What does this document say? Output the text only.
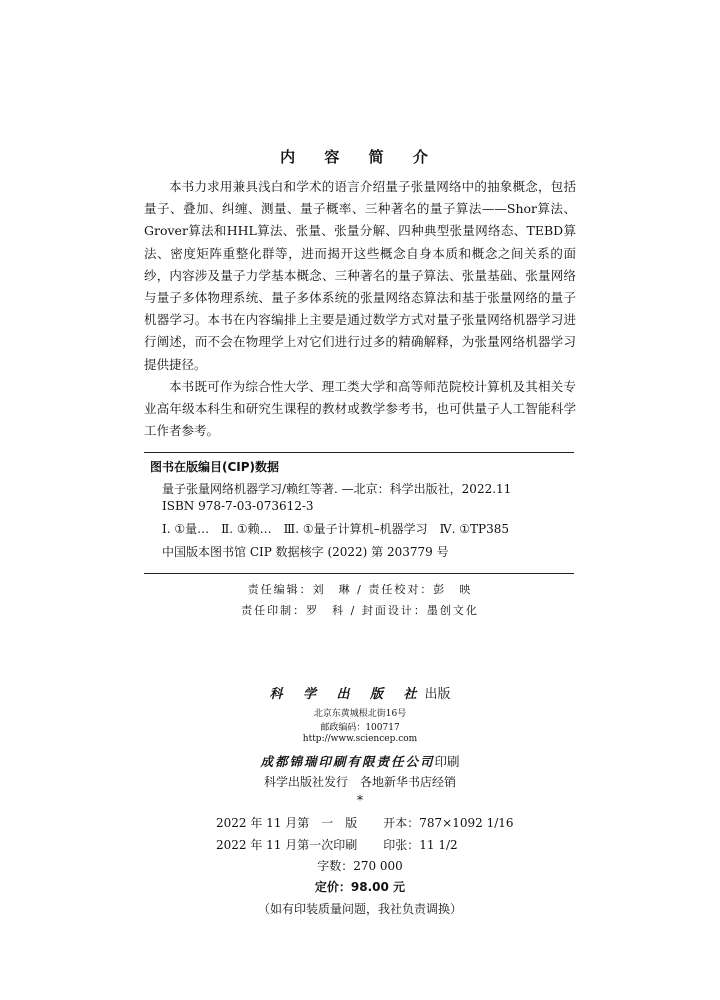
内 容 简 介

本书力求用兼具浅白和学术的语言介绍量子张量网络中的抽象概念，包括量子、叠加、纠缠、测量、量子概率、三种著名的量子算法——Shor算法、Grover算法和HHL算法、张量、张量分解、四种典型张量网络态、TEBD算法、密度矩阵重整化群等，进而揭开这些概念自身本质和概念之间关系的面纱，内容涉及量子力学基本概念、三种著名的量子算法、张量基础、张量网络与量子多体物理系统、量子多体系统的张量网络态算法和基于张量网络的量子机器学习。本书在内容编排上主要是通过数学方式对量子张量网络机器学习进行阐述，而不会在物理学上对它们进行过多的精确解释，为张量网络机器学习提供捷径。

本书既可作为综合性大学、理工类大学和高等师范院校计算机及其相关专业高年级本科生和研究生课程的教材或教学参考书，也可供量子人工智能科学工作者参考。

图书在版编目(CIP)数据
量子张量网络机器学习/赖红等著. —北京：科学出版社，2022.11
ISBN 978-7-03-073612-3
Ⅰ. ①量…　Ⅱ. ①赖…　Ⅲ. ①量子计算机–机器学习　Ⅳ. ①TP385
中国版本图书馆 CIP 数据核字 (2022) 第 203779 号
责任编辑：刘　琳 / 责任校对：彭　映
责任印制：罗　科 / 封面设计：墨创文化
科 学 出 版 社出版
北京东黄城根北街16号
邮政编码：100717
http://www.sciencep.com
成都锦瑞印刷有限责任公司印刷
科学出版社发行　各地新华书店经销
*
2022 年 11 月第　一　版 开本：787×1092 1/16
2022 年 11 月第一次印刷 印张：11 1/2
字数：270 000
定价：98.00 元
（如有印装质量问题，我社负责调换）
